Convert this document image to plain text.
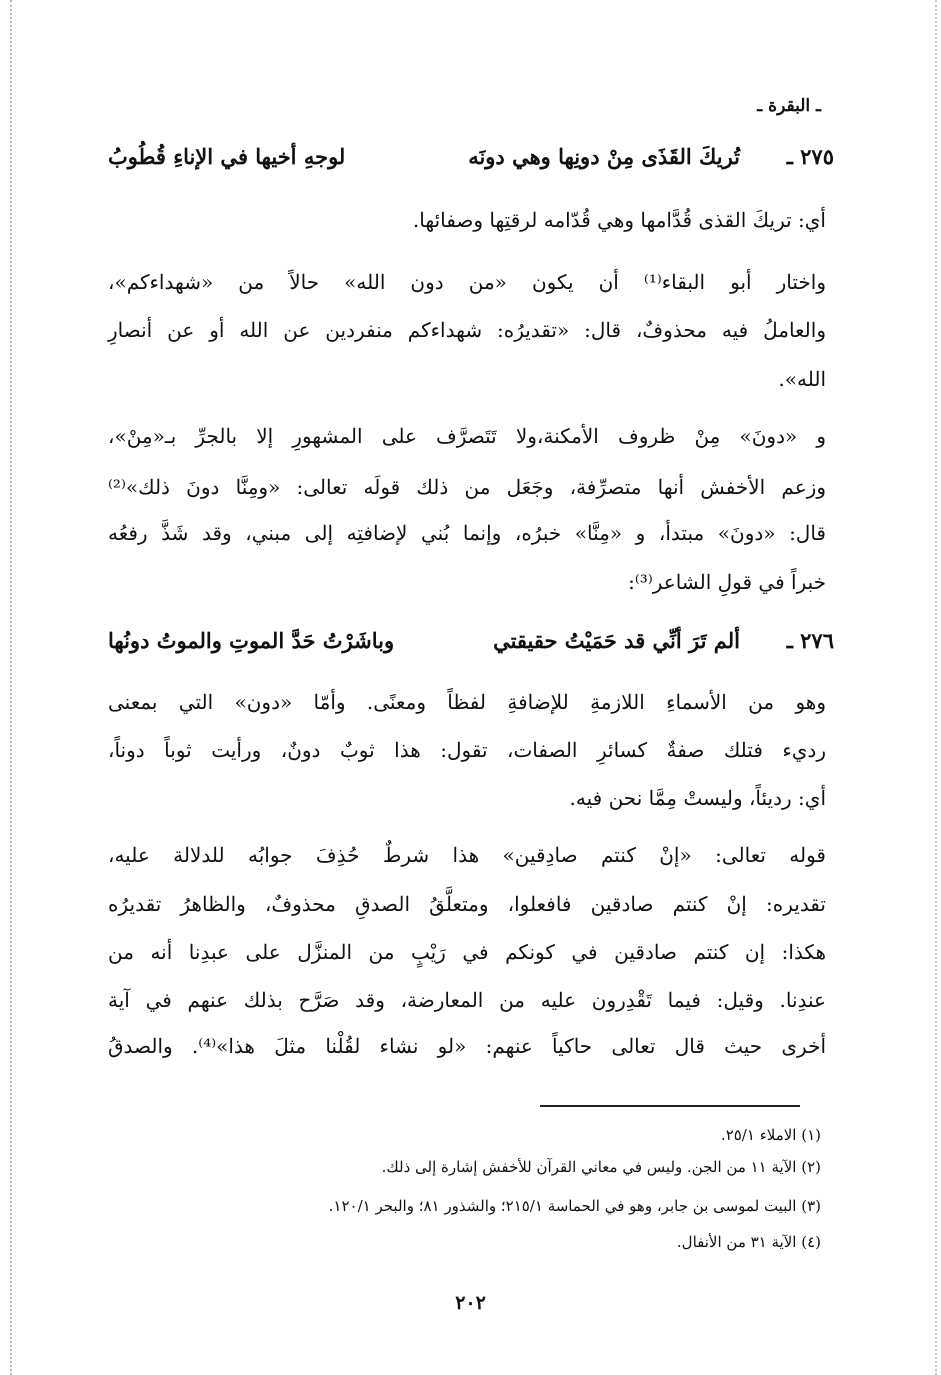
ـ البقرة ـ
٢٧٥ ـ
تُريكَ القَذَى مِنْ دونِها وهي دونَه
لوجهِ أخيها في الإناءِ قُطُوبُ
أي: تريكَ القذى قُدَّامها وهي قُدّامه لرقتِها وصفائها.
واختار أبو البقاء⁽¹⁾ أن يكون «من دون الله» حالاً من «شهداءكم»،
والعاملُ فيه محذوفٌ، قال: «تقديرُه: شهداءكم منفردين عن الله أو عن أنصارِ
الله».
و «دونَ» مِنْ ظروف الأمكنة،ولا تَتَصرَّف على المشهورِ إلا بالجرِّ بـ«مِنْ»،
وزعم الأخفش أنها متصرِّفة، وجَعَل من ذلك قولَه تعالى: «ومِنَّا دونَ ذلك»⁽²⁾
قال: «دونَ» مبتدأ، و «مِنَّا» خبرُه، وإنما بُني لإضافتِه إلى مبني، وقد شَذَّ رفعُه
خبراً في قولِ الشاعر⁽³⁾:
٢٧٦ ـ
ألم تَرَ أنِّي قد حَمَيْتُ حقيقتي
وباشَرْتُ حَدَّ الموتِ والموتُ دونُها
وهو من الأسماءِ اللازمةِ للإضافةِ لفظاً ومعنًى. وأمّا «دون» التي بمعنى
رديء فتلك صفةٌ كسائرِ الصفات، تقول: هذا ثوبٌ دونٌ، ورأيت ثوباً دوناً،
أي: رديئاً، وليستْ مِمَّا نحن فيه.
قوله تعالى: «إنْ كنتم صادِقين» هذا شرطٌ حُذِفَ جوابُه للدلالة عليه،
تقديره: إنْ كنتم صادقين فافعلوا، ومتعلَّقُ الصدقِ محذوفٌ، والظاهرُ تقديرُه
هكذا: إن كنتم صادقين في كونكم في رَيْبٍ من المنزَّل على عبدِنا أنه من
عندِنا. وقيل: فيما تَقْدِرون عليه من المعارضة، وقد صَرَّح بذلك عنهم في آية
أخرى حيث قال تعالى حاكياً عنهم: «لو نشاء لقُلْنا مثلَ هذا»⁽⁴⁾. والصدقُ
(١) الاملاء ٢٥/١.
(٢) الآية ١١ من الجن. وليس في معاني القرآن للأخفش إشارة إلى ذلك.
(٣) البيت لموسى بن جابر، وهو في الحماسة ٢١٥/١؛ والشذور ٨١؛ والبحر ١٢٠/١.
(٤) الآية ٣١ من الأنفال.
٢٠٢
